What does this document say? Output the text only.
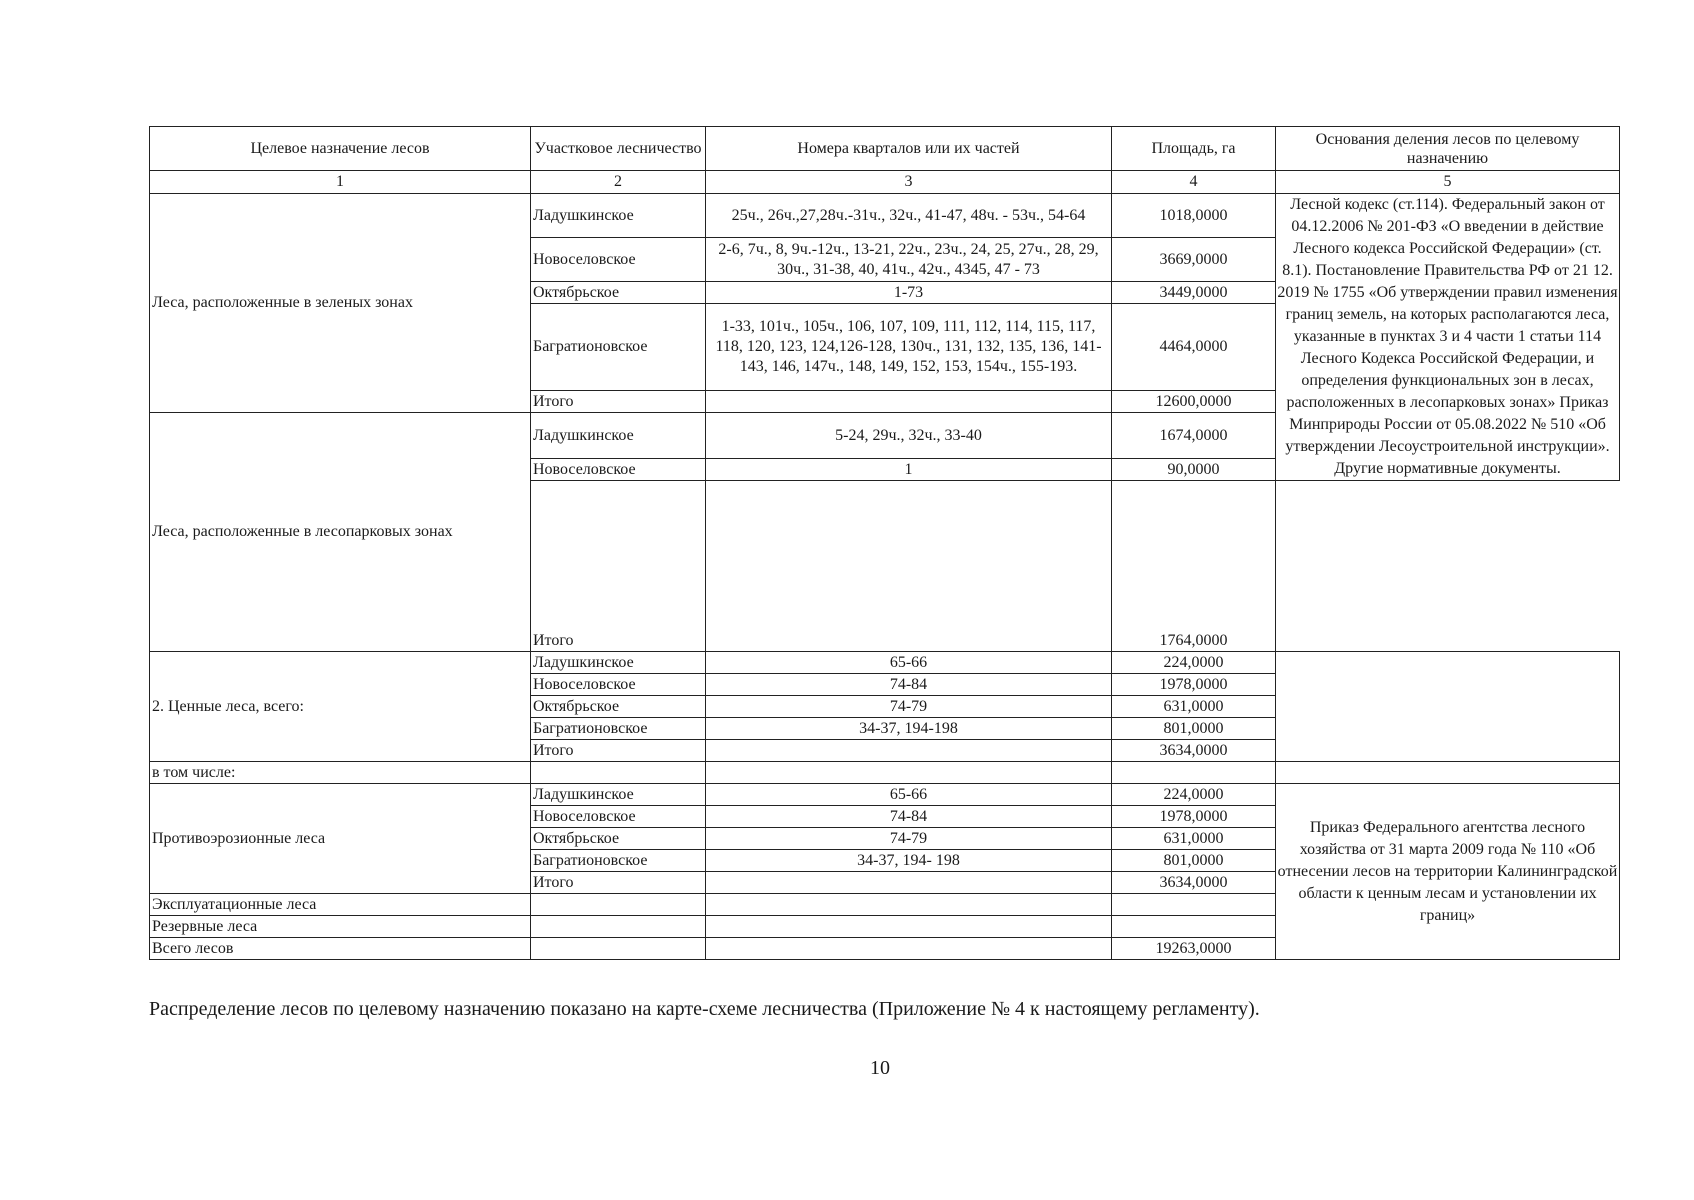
Целевое назначение лесов	Участковое лесничество	Номера кварталов или их частей	Площадь, га	Основания деления лесов по целевому назначению
1	2	3	4	5
Леса, расположенные в зеленых зонах	Ладушкинское	25ч., 26ч.,27,28ч.-31ч., 32ч., 41-47, 48ч. - 53ч., 54-64	1018,0000	Лесной кодекс (ст.114). Федеральный закон от 04.12.2006 № 201-ФЗ «О введении в действие Лесного кодекса Российской Федерации» (ст. 8.1). Постановление Правительства РФ от 21 12. 2019 № 1755 «Об утверждении правил изменения границ земель, на которых располагаются леса, указанные в пунктах 3 и 4 части 1 статьи 114 Лесного Кодекса Российской Федерации, и определения функциональных зон в лесах, расположенных в лесопарковых зонах» Приказ Минприроды России от 05.08.2022 № 510 «Об утверждении Лесоустроительной инструкции». Другие нормативные документы.
	Новоселовское	2-6, 7ч., 8, 9ч.-12ч., 13-21, 22ч., 23ч., 24, 25, 27ч., 28, 29, 30ч., 31-38, 40, 41ч., 42ч., 4345, 47 - 73	3669,0000	
	Октябрьское	1-73	3449,0000	
	Багратионовское	1-33, 101ч., 105ч., 106, 107, 109, 111, 112, 114, 115, 117, 118, 120, 123, 124,126-128, 130ч., 131, 132, 135, 136, 141-143, 146, 147ч., 148, 149, 152, 153, 154ч., 155-193.	4464,0000	
	Итого		12600,0000	
Леса, расположенные в лесопарковых зонах	Ладушкинское	5-24, 29ч., 32ч., 33-40	1674,0000	
	Новоселовское	1	90,0000	
	Итого		1764,0000	
2. Ценные леса, всего:	Ладушкинское	65-66	224,0000	
	Новоселовское	74-84	1978,0000	
	Октябрьское	74-79	631,0000	
	Багратионовское	34-37, 194-198	801,0000	
	Итого		3634,0000	
в том числе:				
Противоэрозионные леса	Ладушкинское	65-66	224,0000	Приказ Федерального агентства лесного хозяйства от 31 марта 2009 года № 110 «Об отнесении лесов на территории Калининградской области к ценным лесам и установлении их границ»
	Новоселовское	74-84	1978,0000	
	Октябрьское	74-79	631,0000	
	Багратионовское	34-37, 194- 198	801,0000	
	Итого		3634,0000	
Эксплуатационные леса				
Резервные леса				
Всего лесов			19263,0000	
Распределение лесов по целевому назначению показано на карте-схеме лесничества (Приложение № 4 к настоящему регламенту).
10
